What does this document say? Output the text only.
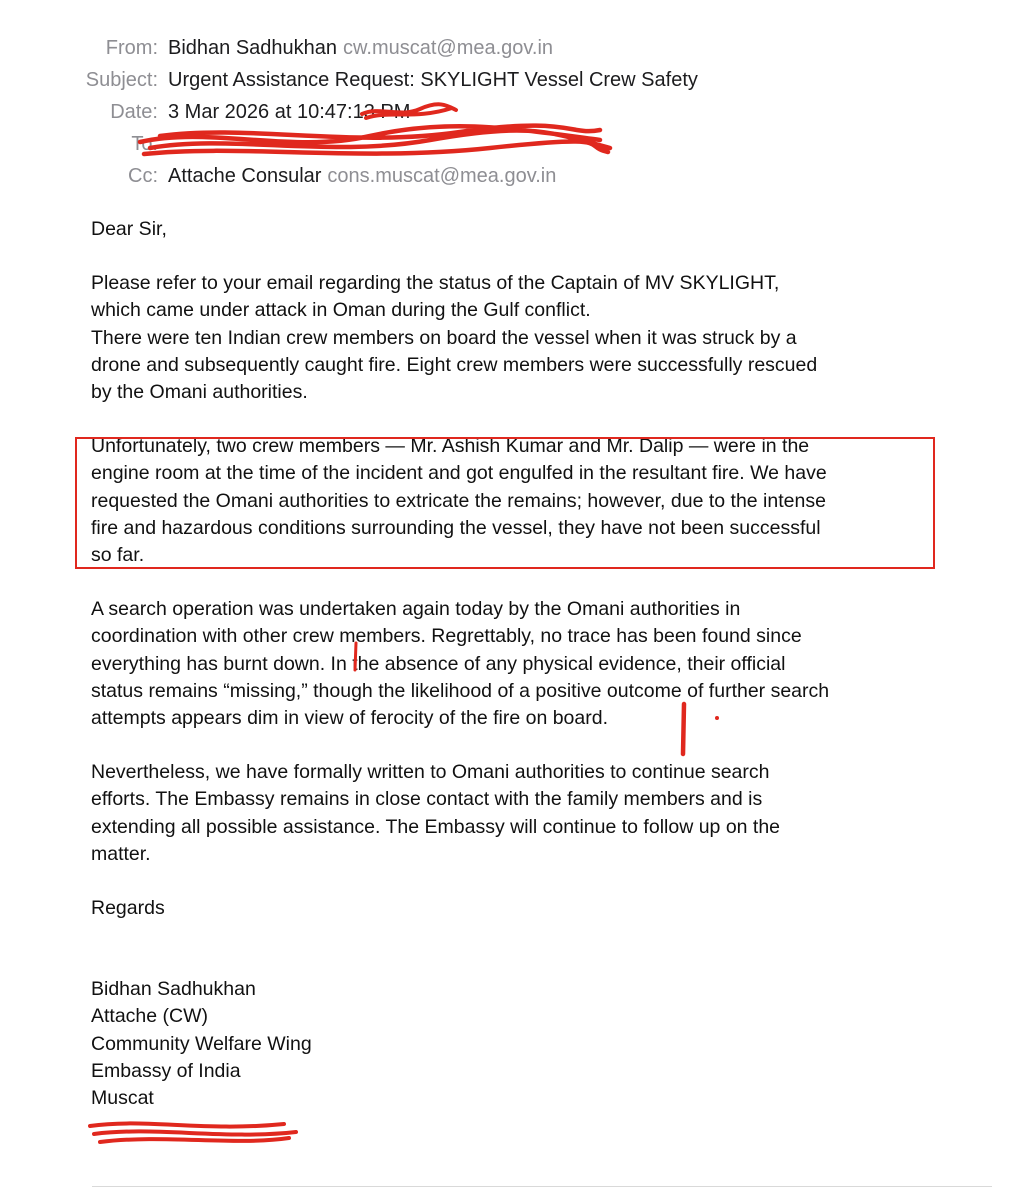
From: Bidhan Sadhukhan cw.muscat@mea.gov.in
Subject: Urgent Assistance Request: SKYLIGHT Vessel Crew Safety
Date: 3 Mar 2026 at 10:47:13 PM
To:
Cc: Attache Consular cons.muscat@mea.gov.in

Dear Sir,

Please refer to your email regarding the status of the Captain of MV SKYLIGHT,
which came under attack in Oman during the Gulf conflict.
There were ten Indian crew members on board the vessel when it was struck by a
drone and subsequently caught fire. Eight crew members were successfully rescued
by the Omani authorities.

Unfortunately, two crew members — Mr. Ashish Kumar and Mr. Dalip — were in the
engine room at the time of the incident and got engulfed in the resultant fire. We have
requested the Omani authorities to extricate the remains; however, due to the intense
fire and hazardous conditions surrounding the vessel, they have not been successful
so far.

A search operation was undertaken again today by the Omani authorities in
coordination with other crew members. Regrettably, no trace has been found since
everything has burnt down. In the absence of any physical evidence, their official
status remains “missing,” though the likelihood of a positive outcome of further search
attempts appears dim in view of ferocity of the fire on board.

Nevertheless, we have formally written to Omani authorities to continue search
efforts. The Embassy remains in close contact with the family members and is
extending all possible assistance. The Embassy will continue to follow up on the
matter.

Regards

Bidhan Sadhukhan
Attache (CW)
Community Welfare Wing
Embassy of India
Muscat
